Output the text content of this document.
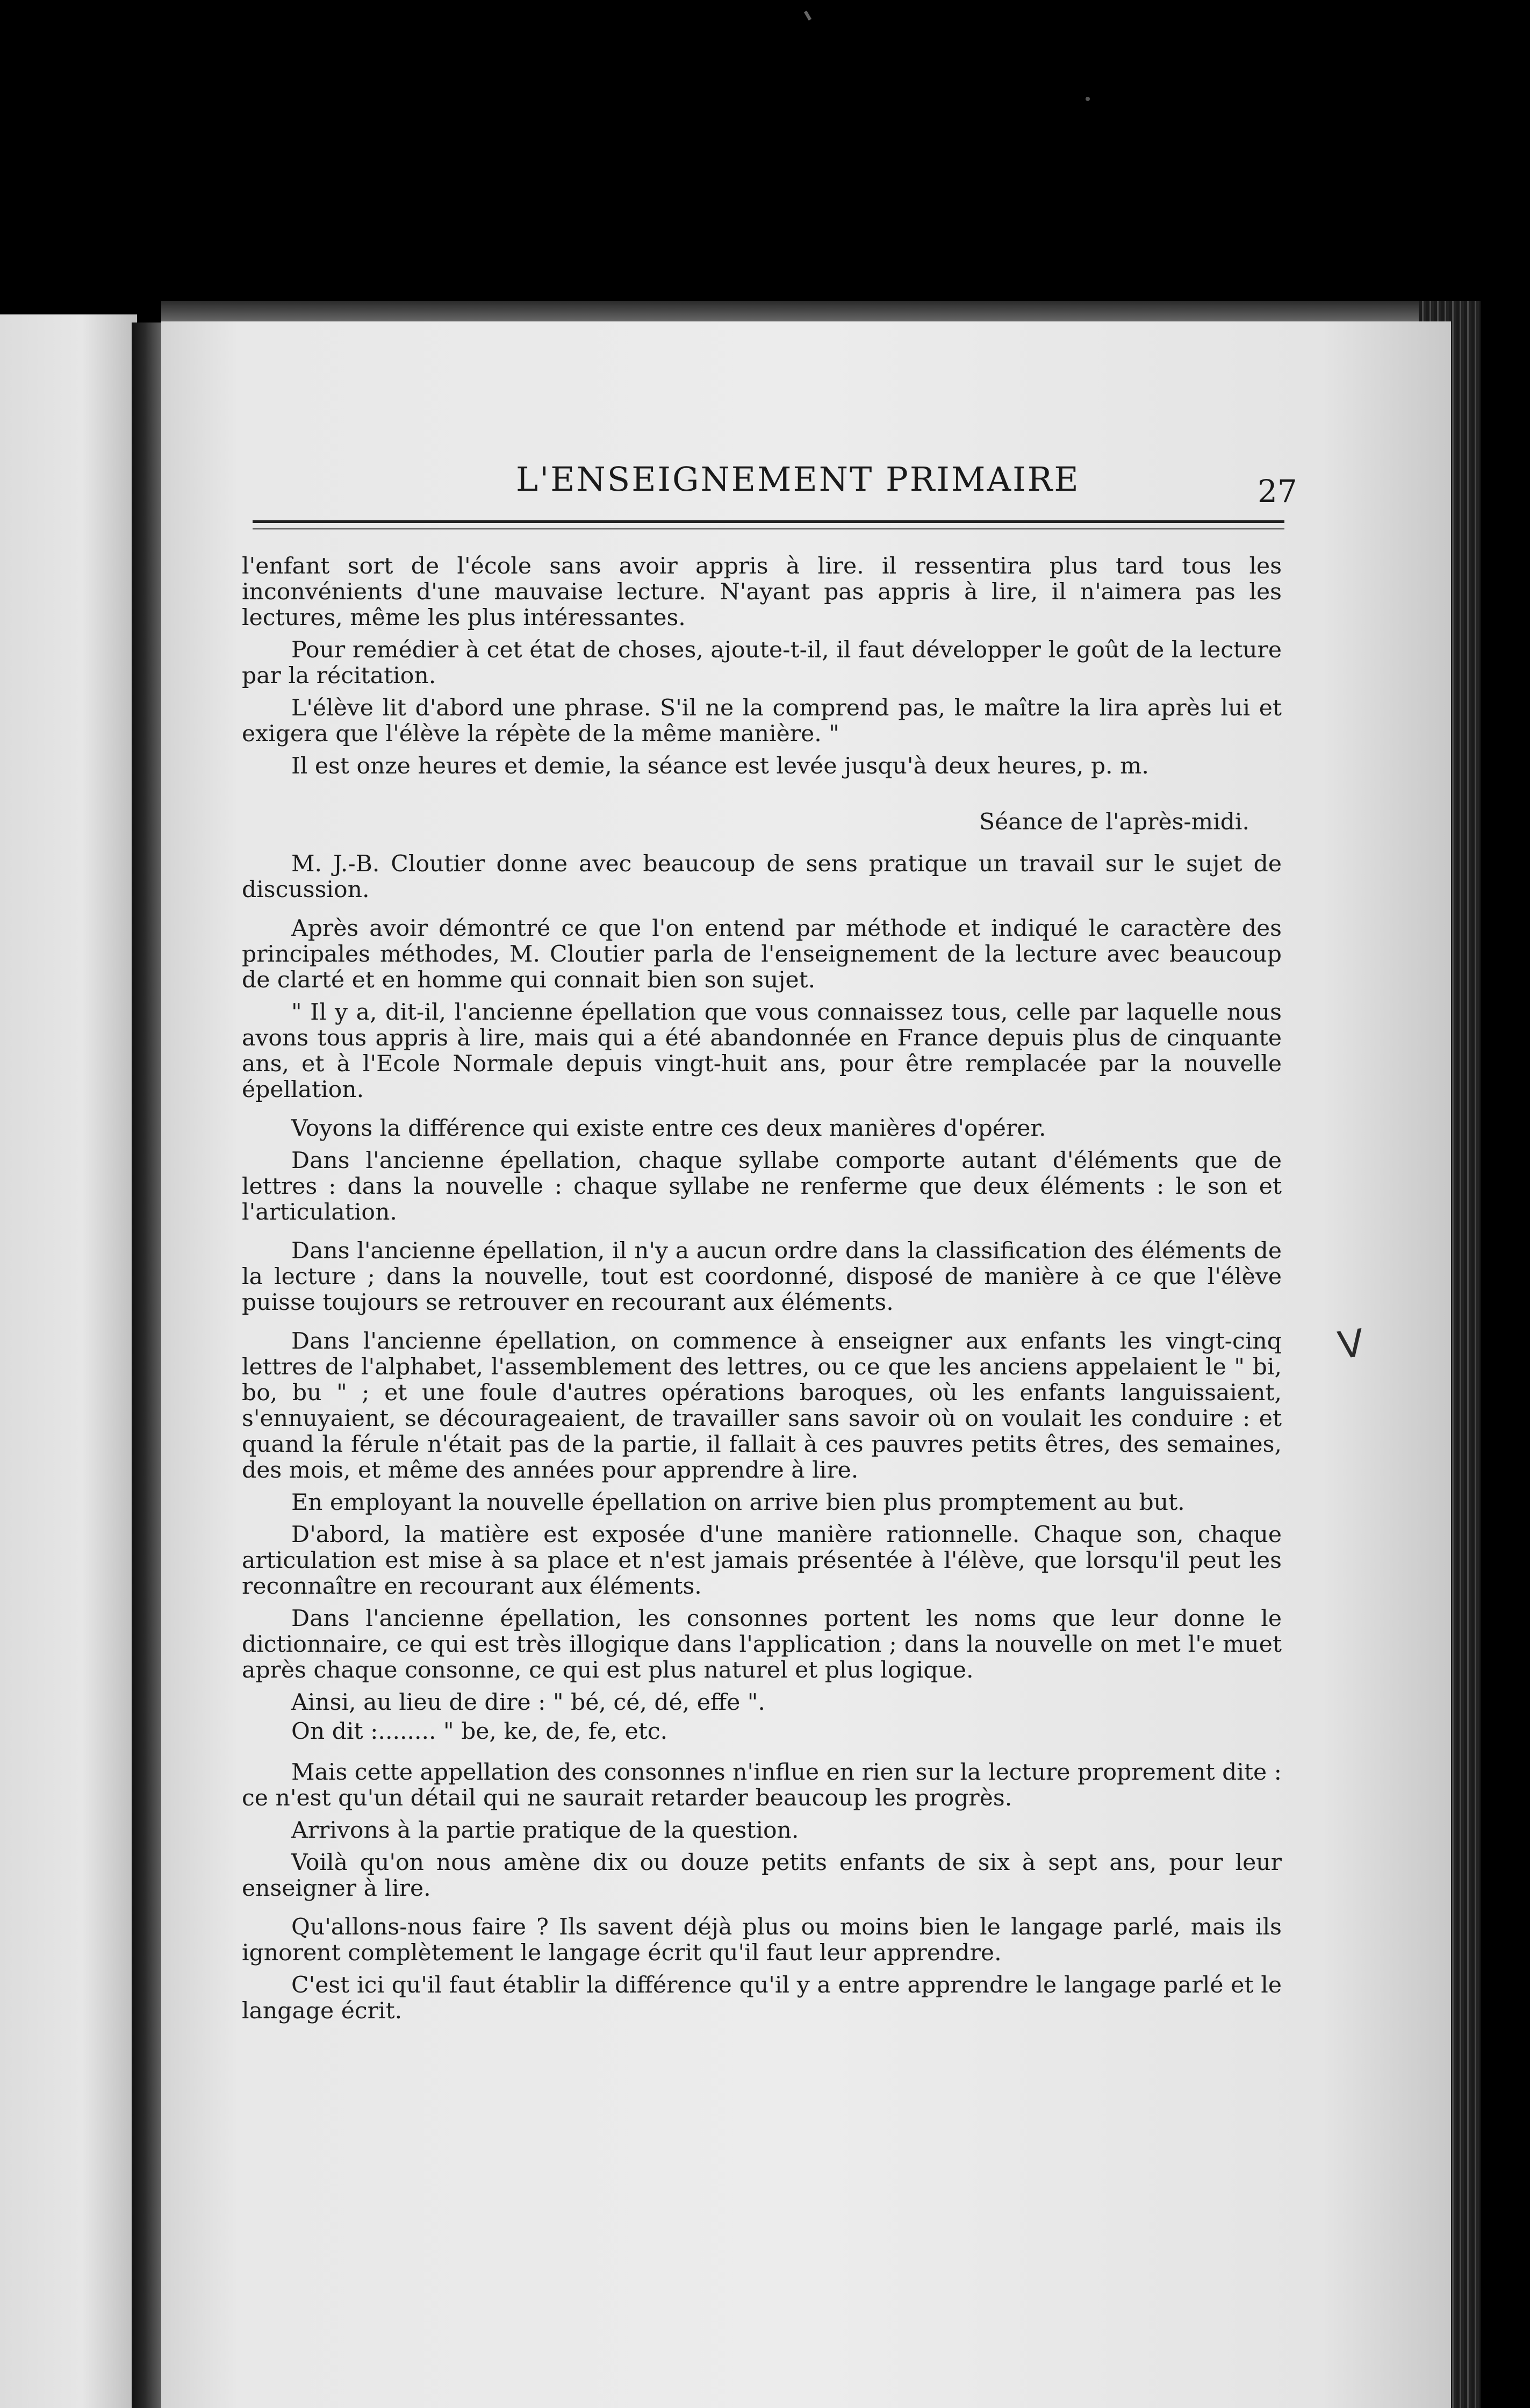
L'ENSEIGNEMENT PRIMAIRE	27

l'enfant sort de l'école sans avoir appris à lire. il ressentira plus tard tous les inconvénients d'une mauvaise lecture. N'ayant pas appris à lire, il n'aimera pas les lectures, même les plus intéressantes.

Pour remédier à cet état de choses, ajoute-t-il, il faut développer le goût de la lecture par la récitation.

L'élève lit d'abord une phrase. S'il ne la comprend pas, le maître la lira après lui et exigera que l'élève la répète de la même manière. "

Il est onze heures et demie, la séance est levée jusqu'à deux heures, p. m.

Séance de l'après-midi.

M. J.-B. Cloutier donne avec beaucoup de sens pratique un travail sur le sujet de discussion.

Après avoir démontré ce que l'on entend par méthode et indiqué le caractère des principales méthodes, M. Cloutier parla de l'enseignement de la lecture avec beaucoup de clarté et en homme qui connait bien son sujet.

" Il y a, dit-il, l'ancienne épellation que vous connaissez tous, celle par laquelle nous avons tous appris à lire, mais qui a été abandonnée en France depuis plus de cinquante ans, et à l'Ecole Normale depuis vingt-huit ans, pour être remplacée par la nouvelle épellation.

Voyons la différence qui existe entre ces deux manières d'opérer.

Dans l'ancienne épellation, chaque syllabe comporte autant d'éléments que de lettres : dans la nouvelle : chaque syllabe ne renferme que deux éléments : le son et l'articulation.

Dans l'ancienne épellation, il n'y a aucun ordre dans la classification des éléments de la lecture ; dans la nouvelle, tout est coordonné, disposé de manière à ce que l'élève puisse toujours se retrouver en recourant aux éléments.

Dans l'ancienne épellation, on commence à enseigner aux enfants les vingt-cinq lettres de l'alphabet, l'assemblement des lettres, ou ce que les anciens appelaient le " bi, bo, bu " ; et une foule d'autres opérations baroques, où les enfants languissaient, s'ennuyaient, se décourageaient, de travailler sans savoir où on voulait les conduire : et quand la férule n'était pas de la partie, il fallait à ces pauvres petits êtres, des semaines, des mois, et même des années pour apprendre à lire.

En employant la nouvelle épellation on arrive bien plus promptement au but.

D'abord, la matière est exposée d'une manière rationnelle. Chaque son, chaque articulation est mise à sa place et n'est jamais présentée à l'élève, que lorsqu'il peut les reconnaître en recourant aux éléments.

Dans l'ancienne épellation, les consonnes portent les noms que leur donne le dictionnaire, ce qui est très illogique dans l'application ; dans la nouvelle on met l'e muet après chaque consonne, ce qui est plus naturel et plus logique.

Ainsi, au lieu de dire : " bé, cé, dé, effe ".

On dit :........ " be, ke, de, fe, etc.

Mais cette appellation des consonnes n'influe en rien sur la lecture proprement dite : ce n'est qu'un détail qui ne saurait retarder beaucoup les progrès.

Arrivons à la partie pratique de la question.

Voilà qu'on nous amène dix ou douze petits enfants de six à sept ans, pour leur enseigner à lire.

Qu'allons-nous faire ? Ils savent déjà plus ou moins bien le langage parlé, mais ils ignorent complètement le langage écrit qu'il faut leur apprendre.

C'est ici qu'il faut établir la différence qu'il y a entre apprendre le langage parlé et le langage écrit.

V
